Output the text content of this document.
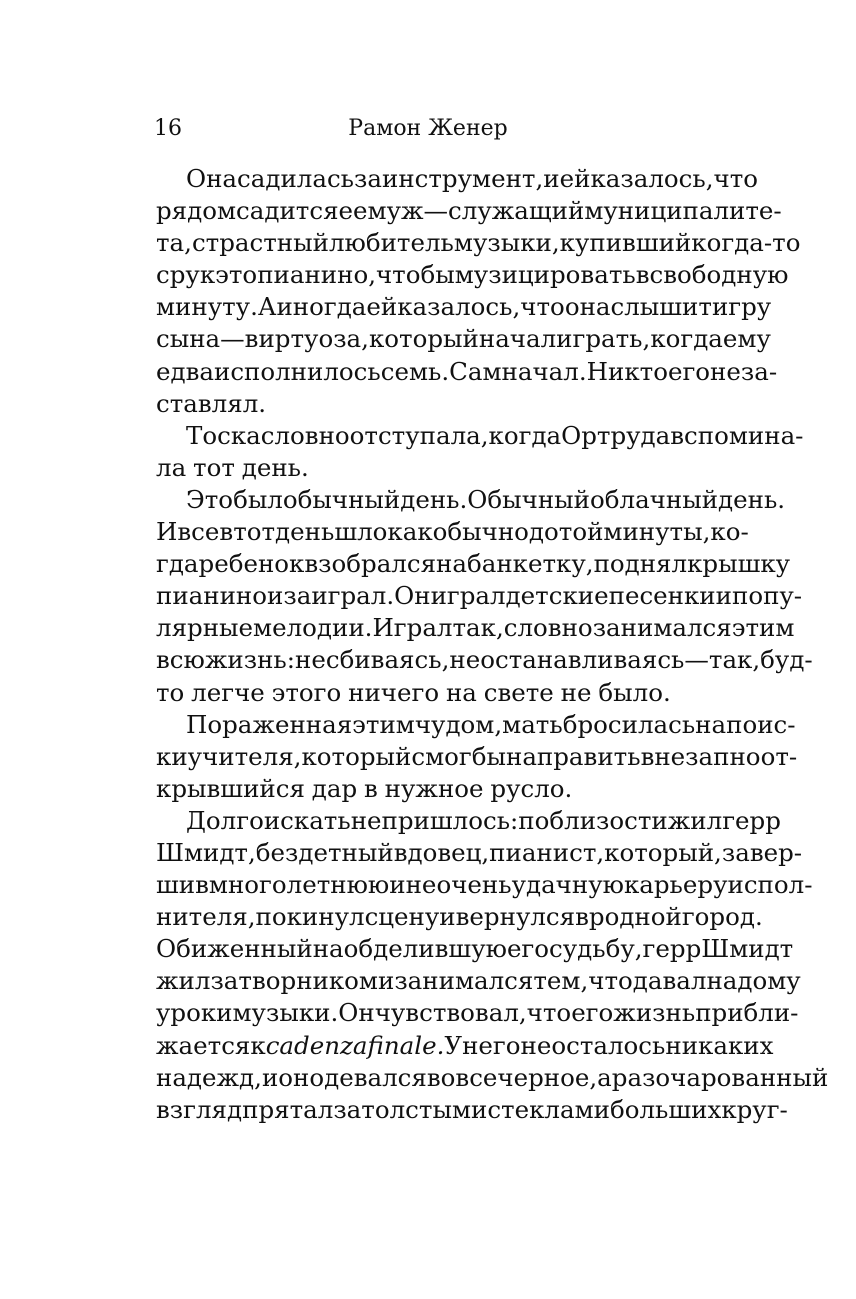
16	Рамон Женер
Она садилась за инструмент, и ей казалось, что
рядом садится ее муж — служащий муниципалите-
та, страстный любитель музыки, купивший когда-то
с рук это пианино, чтобы музицировать в свободную
минуту. А иногда ей казалось, что она слышит игру
сына — виртуоза, который начал играть, когда ему
едва исполнилось семь. Сам начал. Никто его не за-
ставлял.
Тоска словно отступала, когда Ортруда вспомина-
ла тот день.
Это был обычный день. Обычный облачный день.
И все в тот день шло как обычно до той минуты, ко-
гда ребенок взобрался на банкетку, поднял крышку
пианино и заиграл. Он играл детские песенки и попу-
лярные мелодии. Играл так, словно занимался этим
всю жизнь: не сбиваясь, не останавливаясь — так, буд-
то легче этого ничего на свете не было.
Пораженная этим чудом, мать бросилась на поис-
ки учителя, который смог бы направить внезапно от-
крывшийся дар в нужное русло.
Долго искать не пришлось: поблизости жил герр
Шмидт, бездетный вдовец, пианист, который, завер-
шив многолетнюю и не очень удачную карьеру испол-
нителя, покинул сцену и вернулся в родной город.
Обиженный на обделившую его судьбу, герр Шмидт
жил затворником и занимался тем, что давал на дому
уроки музыки. Он чувствовал, что его жизнь прибли-
жается к cadenza finale. У него не осталось никаких
надежд, и он одевался во все черное, а разочарованный
взгляд прятал за толстыми стеклами больших круг-
